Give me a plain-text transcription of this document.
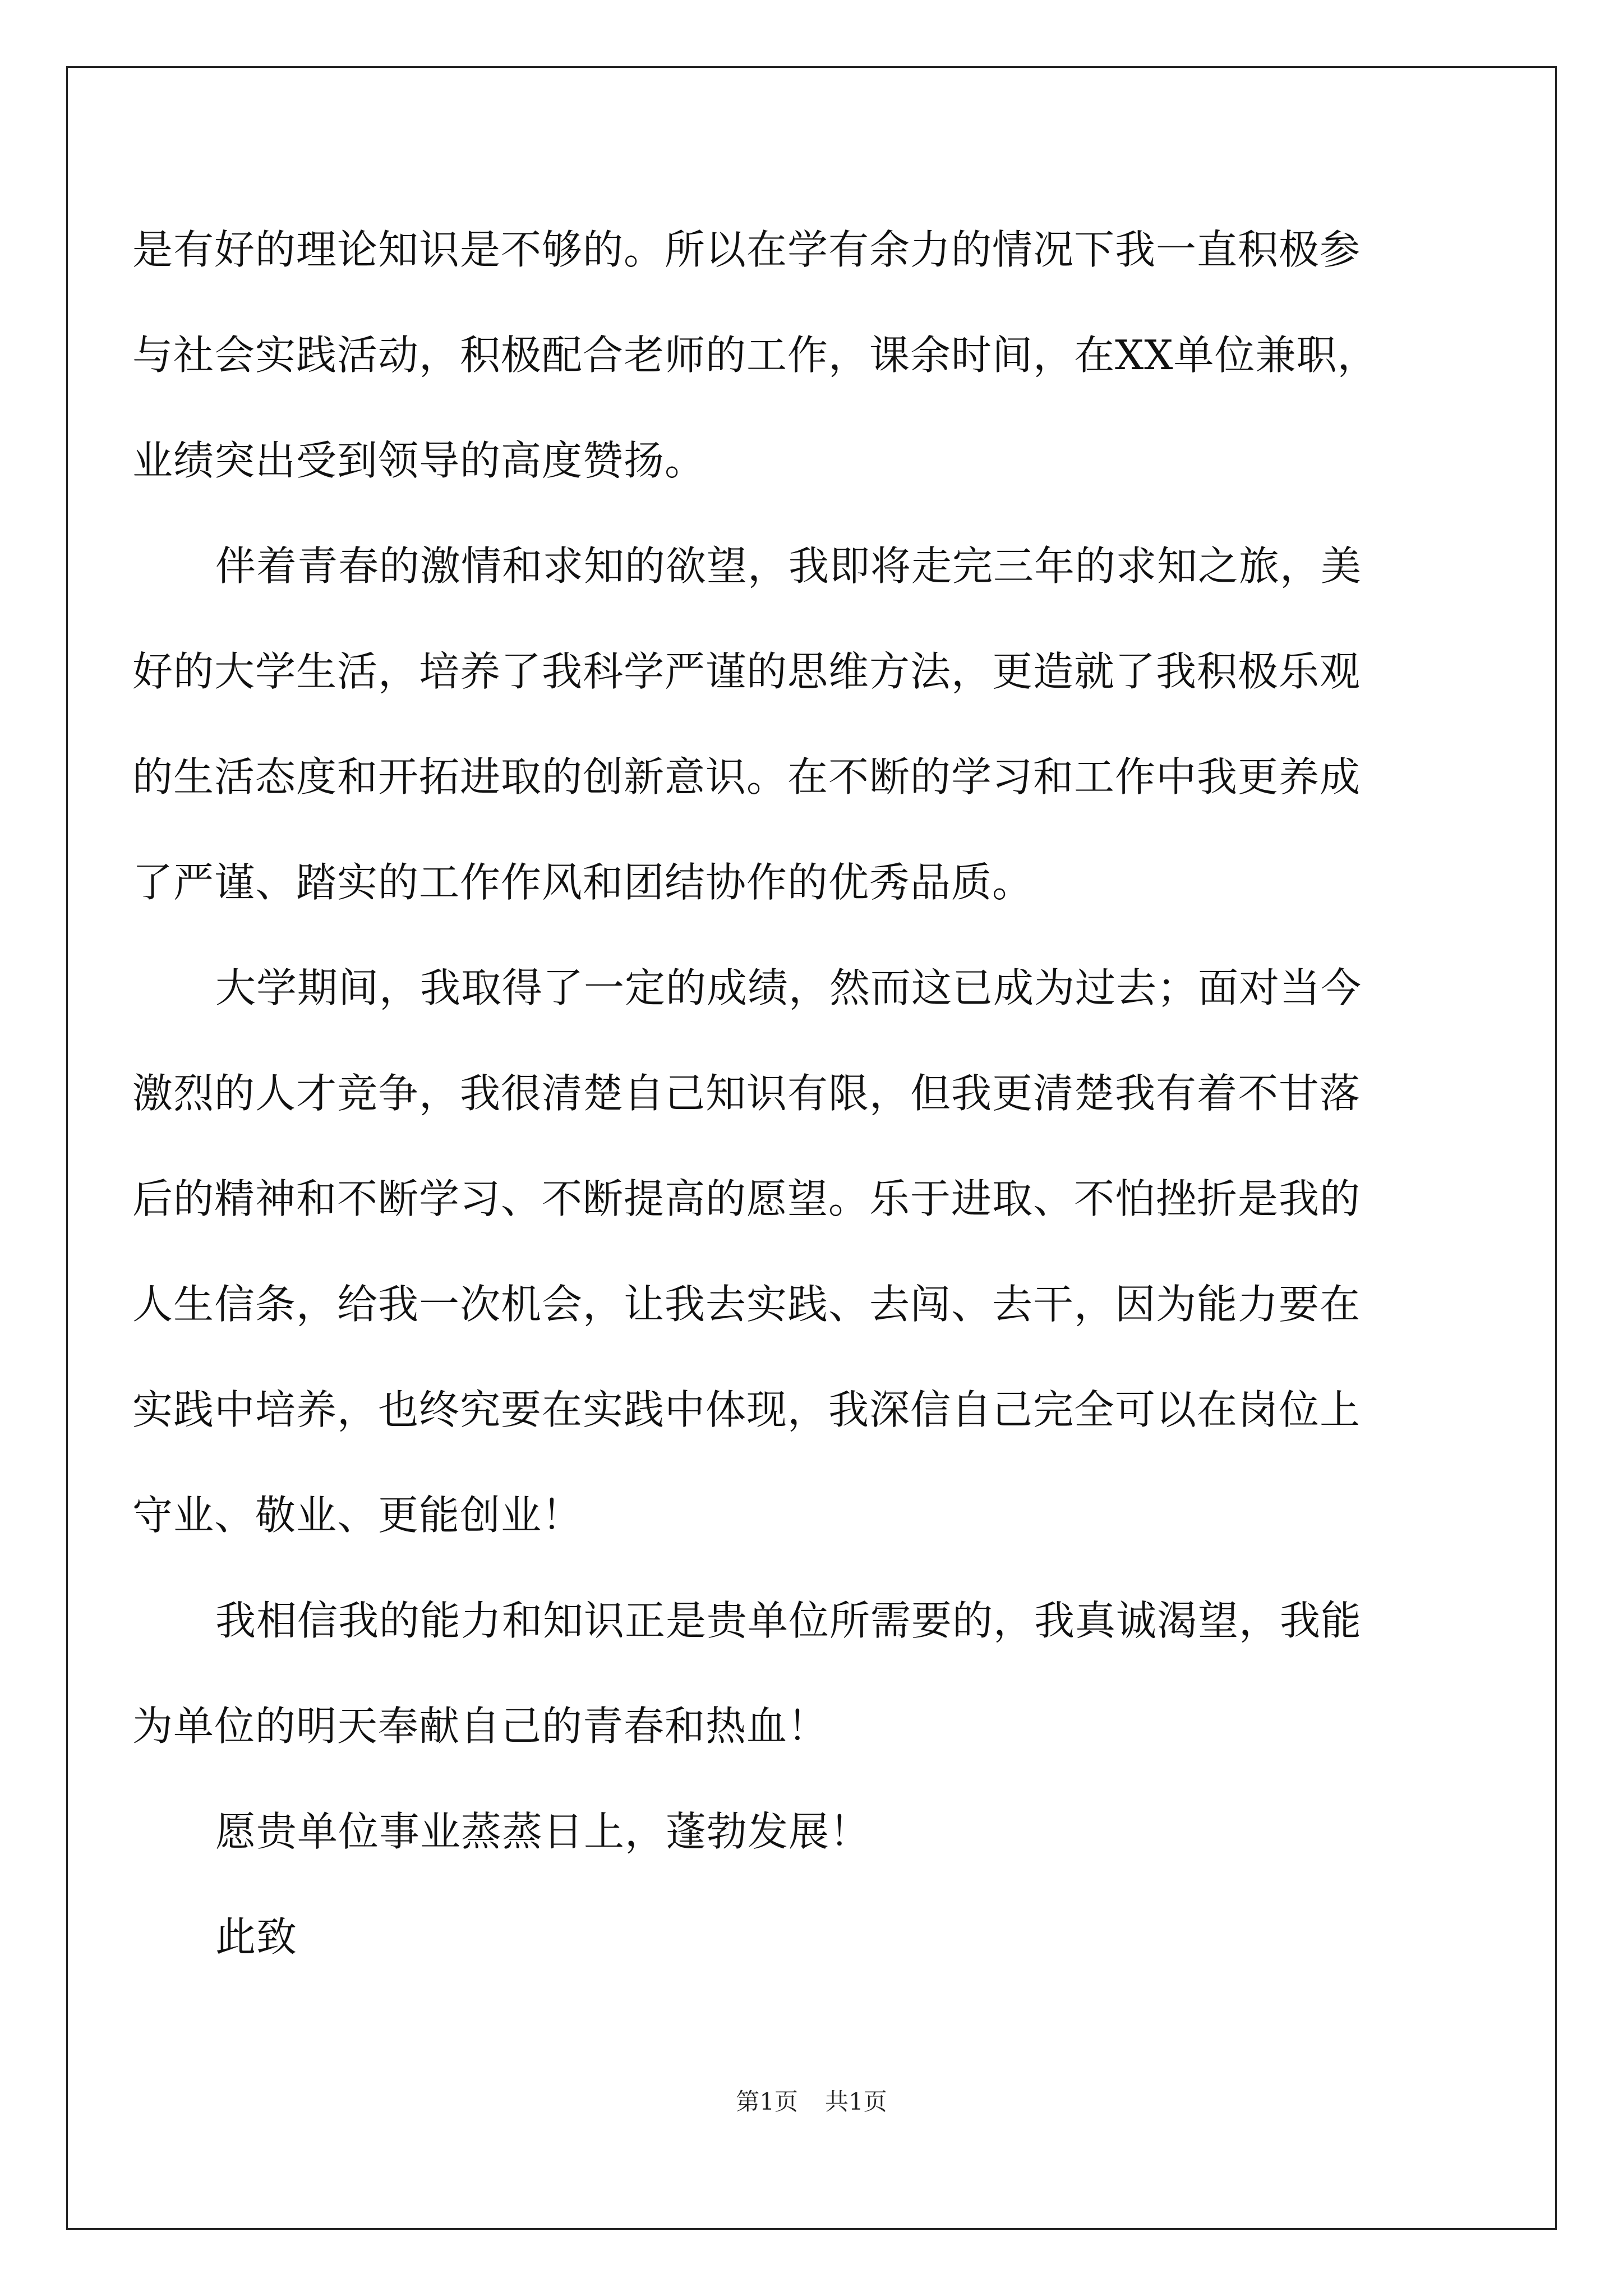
是有好的理论知识是不够的。所以在学有余力的情况下我一直积极参
与社会实践活动，积极配合老师的工作，课余时间，在XX单位兼职，
业绩突出受到领导的高度赞扬。
伴着青春的激情和求知的欲望，我即将走完三年的求知之旅，美
好的大学生活，培养了我科学严谨的思维方法，更造就了我积极乐观
的生活态度和开拓进取的创新意识。在不断的学习和工作中我更养成
了严谨、踏实的工作作风和团结协作的优秀品质。
大学期间，我取得了一定的成绩，然而这已成为过去；面对当今
激烈的人才竞争，我很清楚自己知识有限，但我更清楚我有着不甘落
后的精神和不断学习、不断提高的愿望。乐于进取、不怕挫折是我的
人生信条，给我一次机会，让我去实践、去闯、去干，因为能力要在
实践中培养，也终究要在实践中体现，我深信自己完全可以在岗位上
守业、敬业、更能创业！
我相信我的能力和知识正是贵单位所需要的，我真诚渴望，我能
为单位的明天奉献自己的青春和热血！
愿贵单位事业蒸蒸日上，蓬勃发展！
此致
第1页 共1页
